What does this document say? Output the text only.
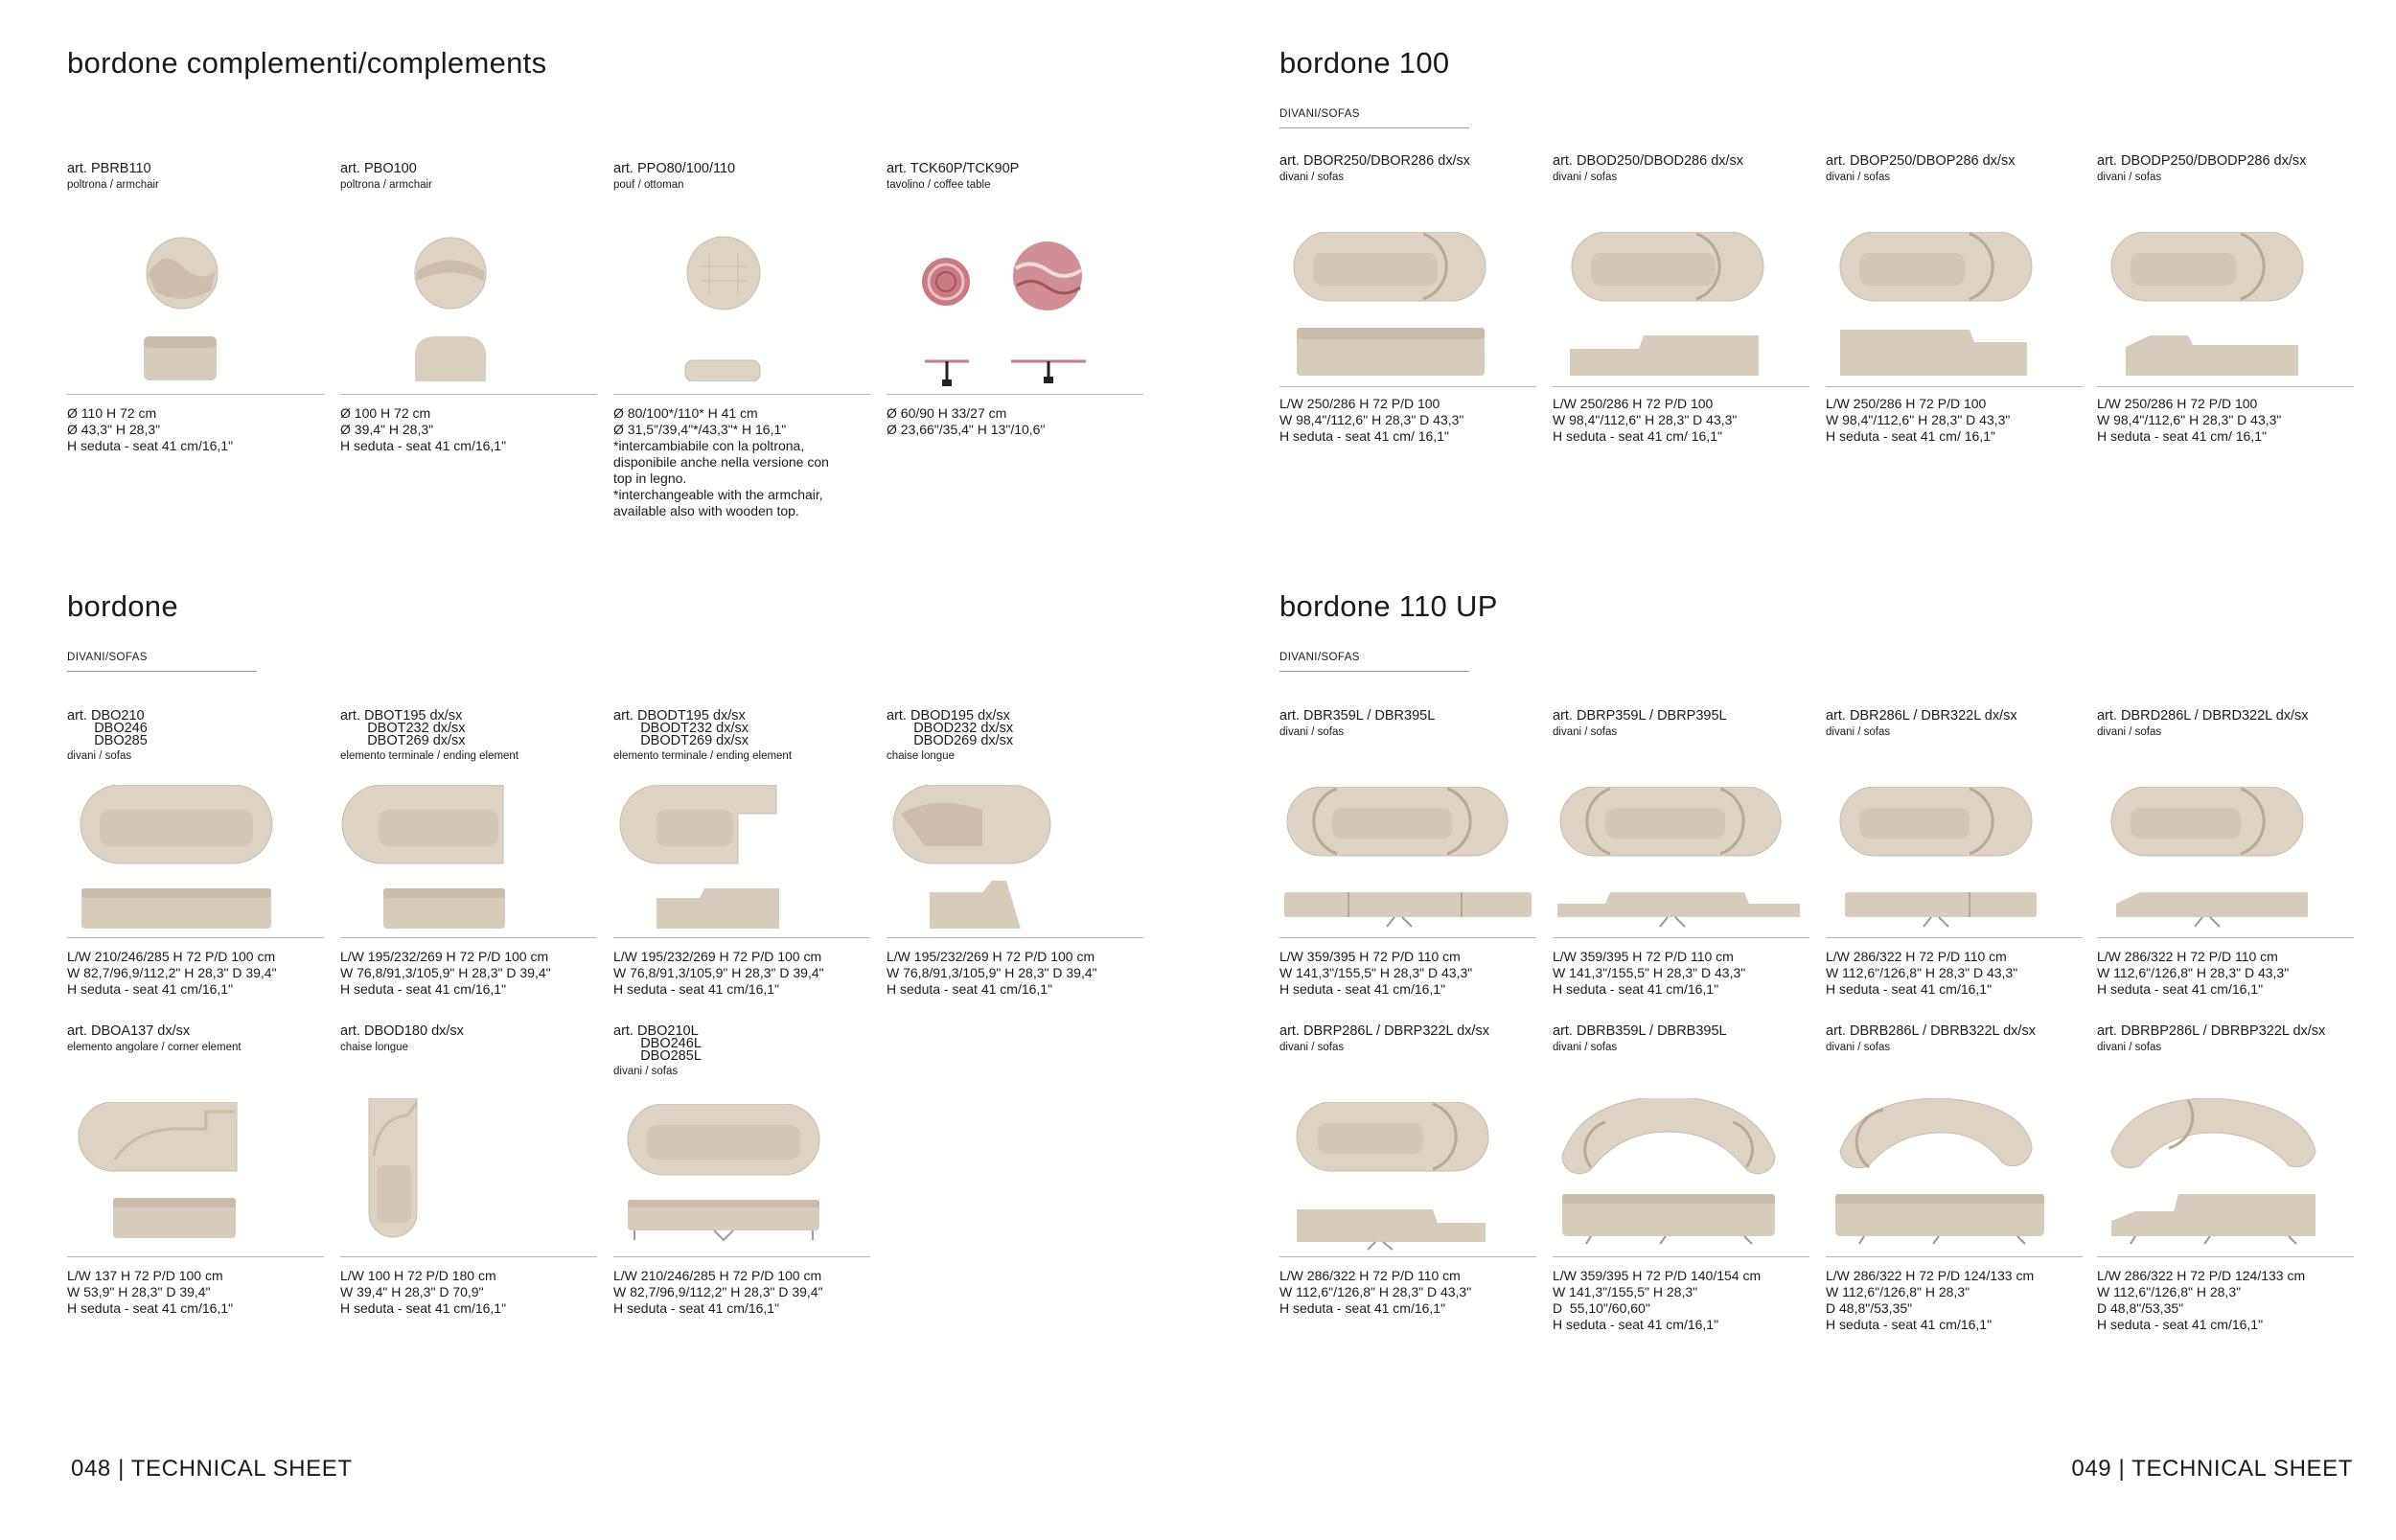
bordone complementi/complements
art. PBRB110
poltrona / armchair
Ø 110 H 72 cm
Ø 43,3" H 28,3"
H seduta - seat 41 cm/16,1"
art. PBO100
poltrona / armchair
Ø 100 H 72 cm
Ø 39,4" H 28,3"
H seduta - seat 41 cm/16,1"
art. PPO80/100/110
pouf / ottoman
Ø 80/100*/110* H 41 cm
Ø 31,5"/39,4"*/43,3"* H 16,1"
*intercambiabile con la poltrona,
disponibile anche nella versione con
top in legno.
*interchangeable with the armchair,
available also with wooden top.
art. TCK60P/TCK90P
tavolino / coffee table
Ø 60/90 H 33/27 cm
Ø 23,66"/35,4" H 13"/10,6"
bordone
DIVANI/SOFAS
art. DBO210
DBO246
DBO285
divani / sofas
L/W 210/246/285 H 72 P/D 100 cm
W 82,7/96,9/112,2" H 28,3" D 39,4"
H seduta - seat 41 cm/16,1"
art. DBOT195 dx/sx
DBOT232 dx/sx
DBOT269 dx/sx
elemento terminale / ending element
L/W 195/232/269 H 72 P/D 100 cm
W 76,8/91,3/105,9" H 28,3" D 39,4"
H seduta - seat 41 cm/16,1"
art. DBODT195 dx/sx
DBODT232 dx/sx
DBODT269 dx/sx
elemento terminale / ending element
L/W 195/232/269 H 72 P/D 100 cm
W 76,8/91,3/105,9" H 28,3" D 39,4"
H seduta - seat 41 cm/16,1"
art. DBOD195 dx/sx
DBOD232 dx/sx
DBOD269 dx/sx
chaise longue
L/W 195/232/269 H 72 P/D 100 cm
W 76,8/91,3/105,9" H 28,3" D 39,4"
H seduta - seat 41 cm/16,1"
art. DBOA137 dx/sx
elemento angolare / corner element
L/W 137 H 72 P/D 100 cm
W 53,9" H 28,3" D 39,4"
H seduta - seat 41 cm/16,1"
art. DBOD180 dx/sx
chaise longue
L/W 100 H 72 P/D 180 cm
W 39,4" H 28,3" D 70,9"
H seduta - seat 41 cm/16,1"
art. DBO210L
DBO246L
DBO285L
divani / sofas
L/W 210/246/285 H 72 P/D 100 cm
W 82,7/96,9/112,2" H 28,3" D 39,4"
H seduta - seat 41 cm/16,1"
048 | TECHNICAL SHEET
bordone 100
DIVANI/SOFAS
art. DBOR250/DBOR286 dx/sx
divani / sofas
L/W 250/286 H 72 P/D 100
W 98,4"/112,6" H 28,3" D 43,3"
H seduta - seat 41 cm/ 16,1"
art. DBOD250/DBOD286 dx/sx
divani / sofas
L/W 250/286 H 72 P/D 100
W 98,4"/112,6" H 28,3" D 43,3"
H seduta - seat 41 cm/ 16,1"
art. DBOP250/DBOP286 dx/sx
divani / sofas
L/W 250/286 H 72 P/D 100
W 98,4"/112,6" H 28,3" D 43,3"
H seduta - seat 41 cm/ 16,1"
art. DBODP250/DBODP286 dx/sx
divani / sofas
L/W 250/286 H 72 P/D 100
W 98,4"/112,6" H 28,3" D 43,3"
H seduta - seat 41 cm/ 16,1"
bordone 110 UP
DIVANI/SOFAS
art. DBR359L / DBR395L
divani / sofas
L/W 359/395 H 72 P/D 110 cm
W 141,3"/155,5" H 28,3" D 43,3"
H seduta - seat 41 cm/16,1"
art. DBRP359L / DBRP395L
divani / sofas
L/W 359/395 H 72 P/D 110 cm
W 141,3"/155,5" H 28,3" D 43,3"
H seduta - seat 41 cm/16,1"
art. DBR286L / DBR322L dx/sx
divani / sofas
L/W 286/322 H 72 P/D 110 cm
W 112,6"/126,8" H 28,3" D 43,3"
H seduta - seat 41 cm/16,1"
art. DBRD286L / DBRD322L dx/sx
divani / sofas
L/W 286/322 H 72 P/D 110 cm
W 112,6"/126,8" H 28,3" D 43,3"
H seduta - seat 41 cm/16,1"
art. DBRP286L / DBRP322L dx/sx
divani / sofas
L/W 286/322 H 72 P/D 110 cm
W 112,6"/126,8" H 28,3" D 43,3"
H seduta - seat 41 cm/16,1"
art. DBRB359L / DBRB395L
divani / sofas
L/W 359/395 H 72 P/D 140/154 cm
W 141,3"/155,5" H 28,3"
D  55,10"/60,60"
H seduta - seat 41 cm/16,1"
art. DBRB286L / DBRB322L dx/sx
divani / sofas
L/W 286/322 H 72 P/D 124/133 cm
W 112,6"/126,8" H 28,3"
D 48,8"/53,35"
H seduta - seat 41 cm/16,1"
art. DBRBP286L / DBRBP322L dx/sx
divani / sofas
L/W 286/322 H 72 P/D 124/133 cm
W 112,6"/126,8" H 28,3"
D 48,8"/53,35"
H seduta - seat 41 cm/16,1"
049 | TECHNICAL SHEET
